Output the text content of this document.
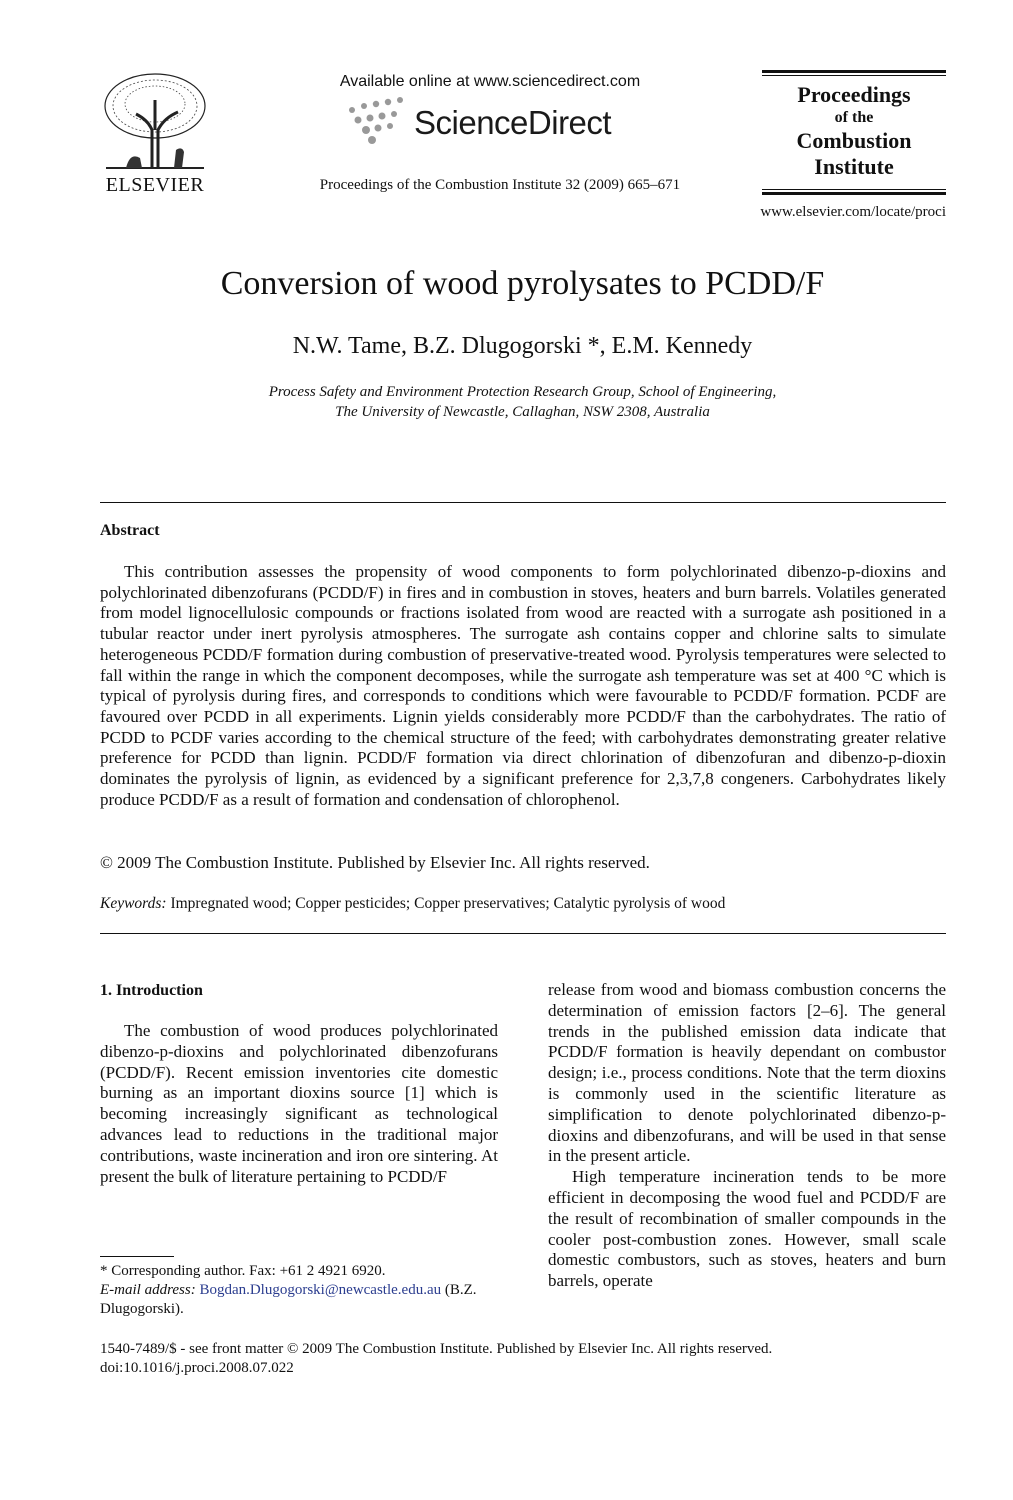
ELSEVIER
Available online at www.sciencedirect.com
ScienceDirect
Proceedings of the Combustion Institute 32 (2009) 665–671
Proceedings
of the
Combustion
Institute
www.elsevier.com/locate/proci
Conversion of wood pyrolysates to PCDD/F
N.W. Tame, B.Z. Dlugogorski *, E.M. Kennedy
Process Safety and Environment Protection Research Group, School of Engineering,
The University of Newcastle, Callaghan, NSW 2308, Australia
Abstract
This contribution assesses the propensity of wood components to form polychlorinated dibenzo-p-dioxins and polychlorinated dibenzofurans (PCDD/F) in fires and in combustion in stoves, heaters and burn barrels. Volatiles generated from model lignocellulosic compounds or fractions isolated from wood are reacted with a surrogate ash positioned in a tubular reactor under inert pyrolysis atmospheres. The surrogate ash contains copper and chlorine salts to simulate heterogeneous PCDD/F formation during combustion of preservative-treated wood. Pyrolysis temperatures were selected to fall within the range in which the component decomposes, while the surrogate ash temperature was set at 400 °C which is typical of pyrolysis during fires, and corresponds to conditions which were favourable to PCDD/F formation. PCDF are favoured over PCDD in all experiments. Lignin yields considerably more PCDD/F than the carbohydrates. The ratio of PCDD to PCDF varies according to the chemical structure of the feed; with carbohydrates demonstrating greater relative preference for PCDD than lignin. PCDD/F formation via direct chlorination of dibenzofuran and dibenzo-p-dioxin dominates the pyrolysis of lignin, as evidenced by a significant preference for 2,3,7,8 congeners. Carbohydrates likely produce PCDD/F as a result of formation and condensation of chlorophenol.
© 2009 The Combustion Institute. Published by Elsevier Inc. All rights reserved.
Keywords: Impregnated wood; Copper pesticides; Copper preservatives; Catalytic pyrolysis of wood
1. Introduction

The combustion of wood produces polychlorinated dibenzo-p-dioxins and polychlorinated dibenzofurans (PCDD/F). Recent emission inventories cite domestic burning as an important dioxins source [1] which is becoming increasingly significant as technological advances lead to reductions in the traditional major contributions, waste incineration and iron ore sintering. At present the bulk of literature pertaining to PCDD/F

release from wood and biomass combustion concerns the determination of emission factors [2–6]. The general trends in the published emission data indicate that PCDD/F formation is heavily dependant on combustor design; i.e., process conditions. Note that the term dioxins is commonly used in the scientific literature as simplification to denote polychlorinated dibenzo-p-dioxins and dibenzofurans, and will be used in that sense in the present article.

High temperature incineration tends to be more efficient in decomposing the wood fuel and PCDD/F are the result of recombination of smaller compounds in the cooler post-combustion zones. However, small scale domestic combustors, such as stoves, heaters and burn barrels, operate

* Corresponding author. Fax: +61 2 4921 6920.
E-mail address: Bogdan.Dlugogorski@newcastle.edu.au (B.Z. Dlugogorski).
1540-7489/$ - see front matter © 2009 The Combustion Institute. Published by Elsevier Inc. All rights reserved.
doi:10.1016/j.proci.2008.07.022
